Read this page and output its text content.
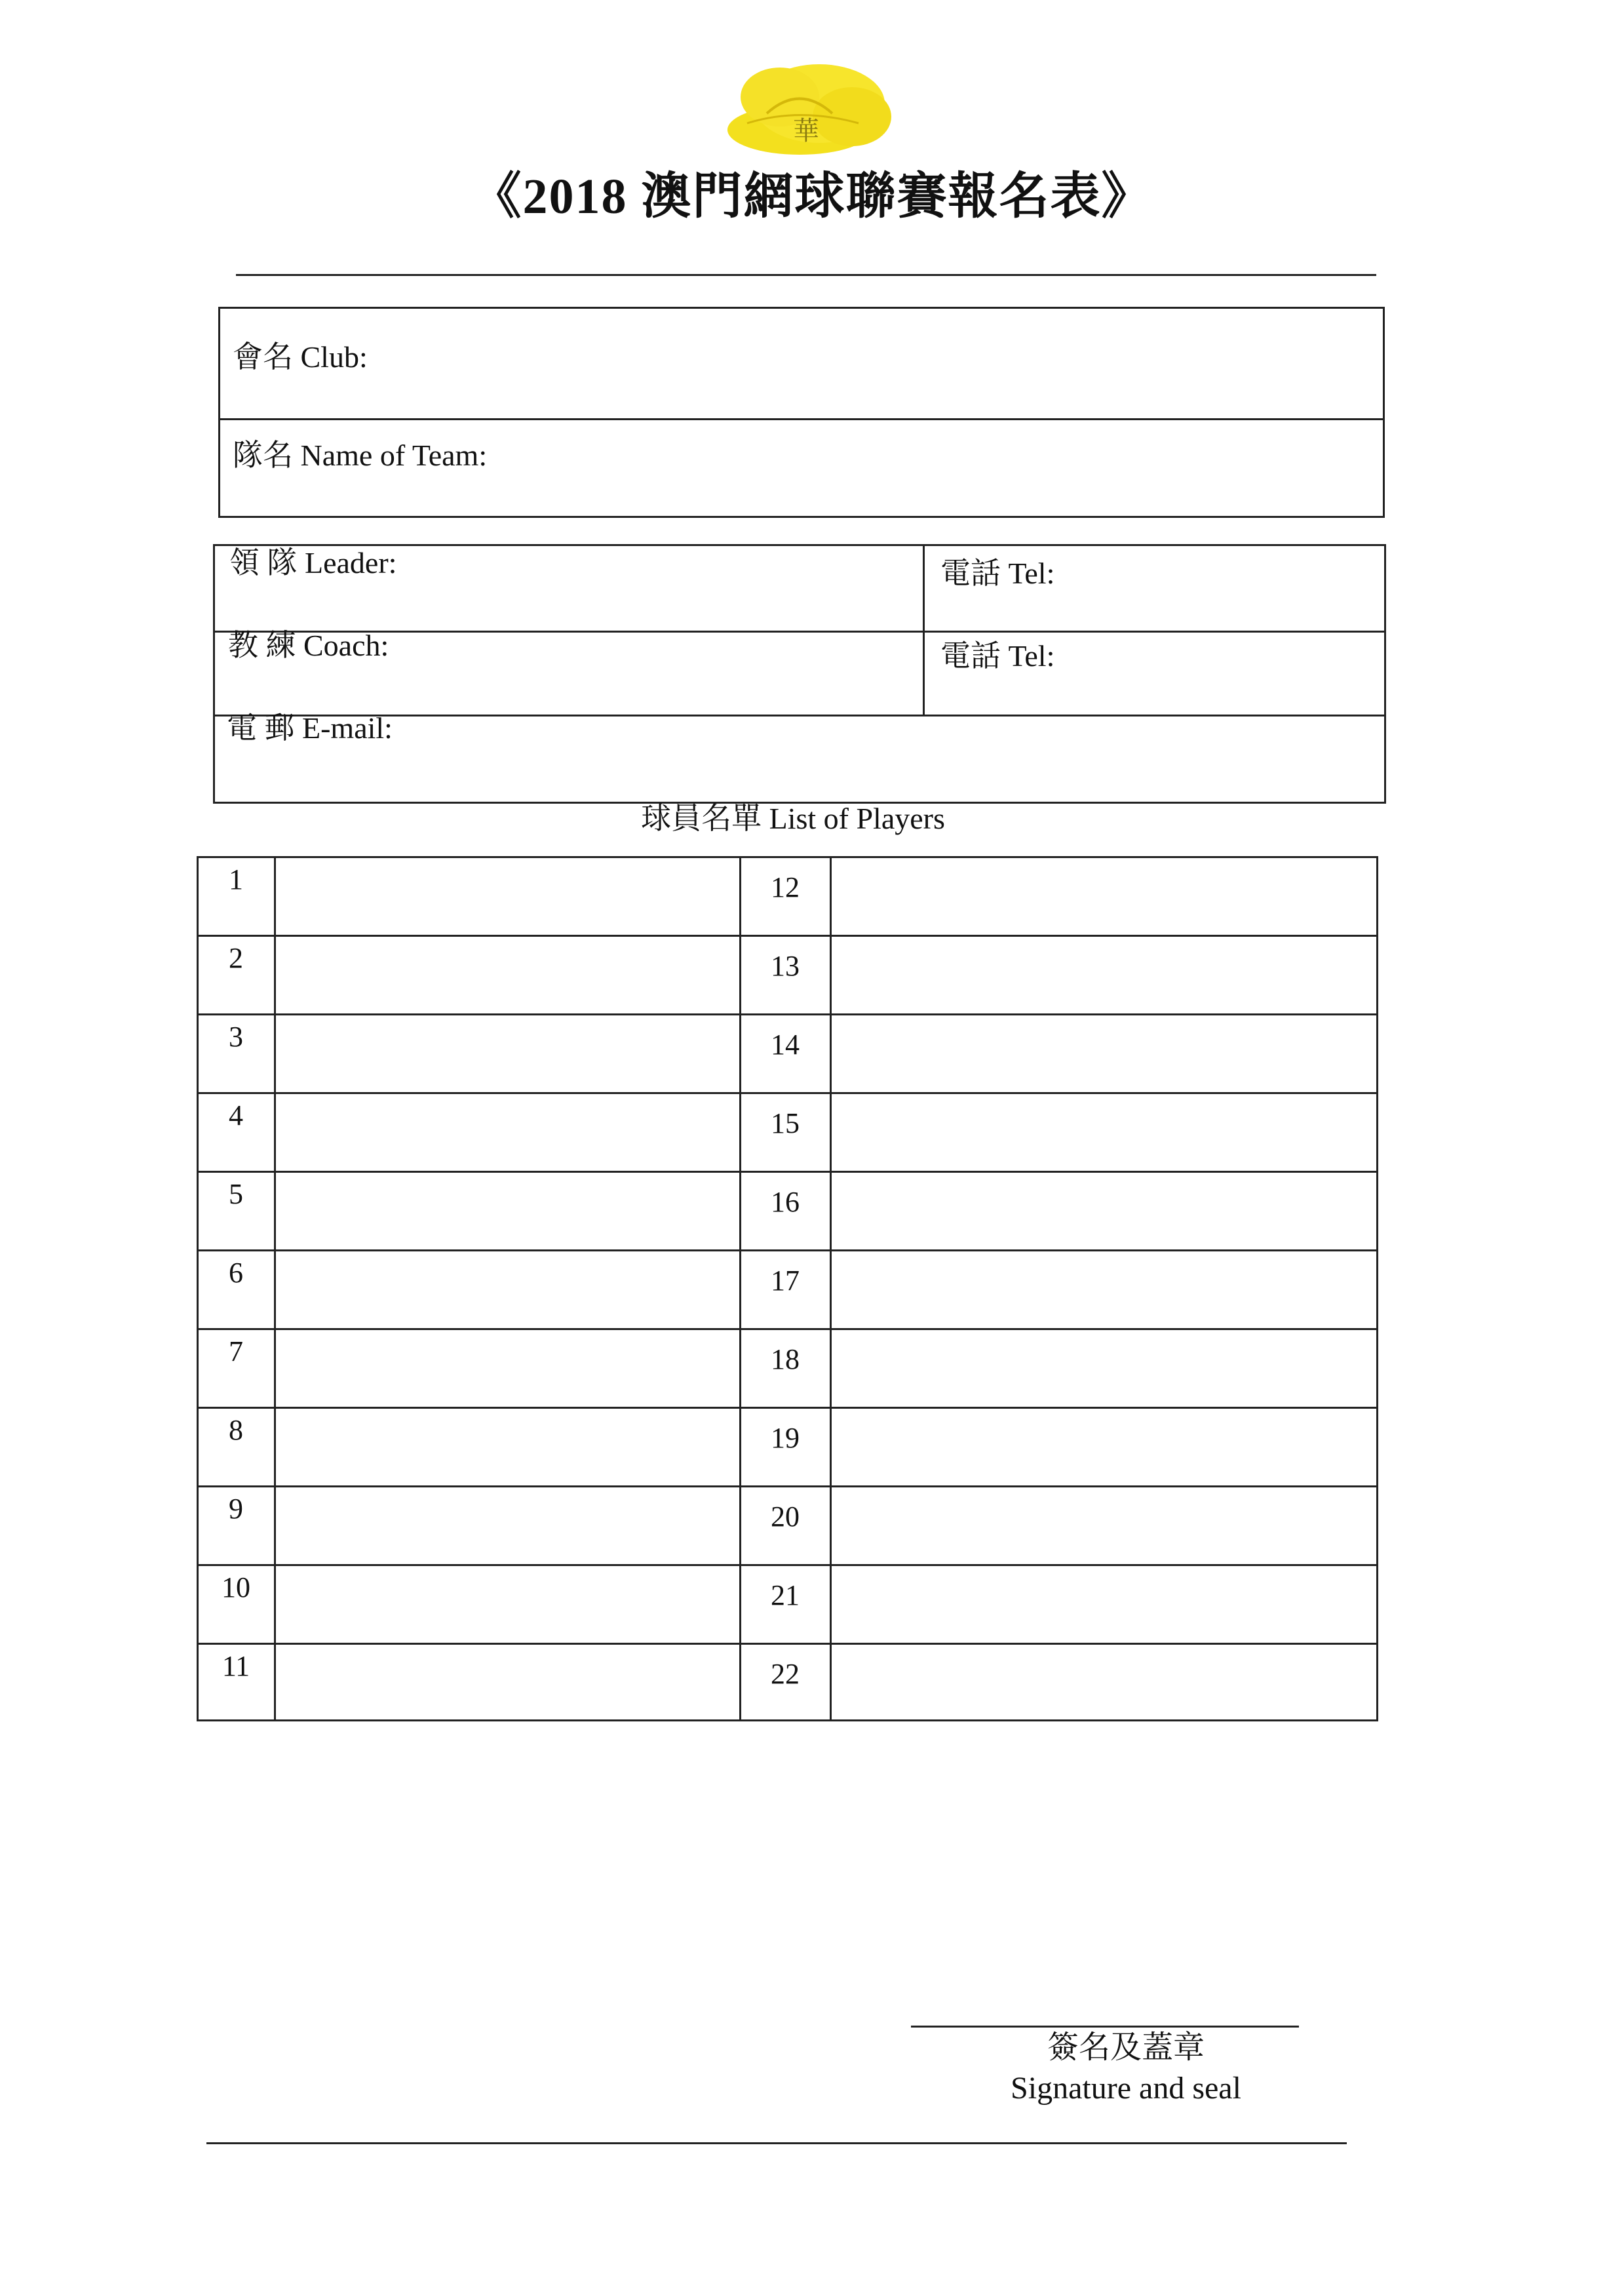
華
《2018 澳門網球聯賽報名表》
會名 Club:
隊名 Name of Team:
領 隊 Leader:	電話 Tel:
教 練 Coach:	電話 Tel:
電 郵 E-mail:
球員名單 List of Players
1	12
2	13
3	14
4	15
5	16
6	17
7	18
8	19
9	20
10	21
11	22
簽名及蓋章
Signature and seal
